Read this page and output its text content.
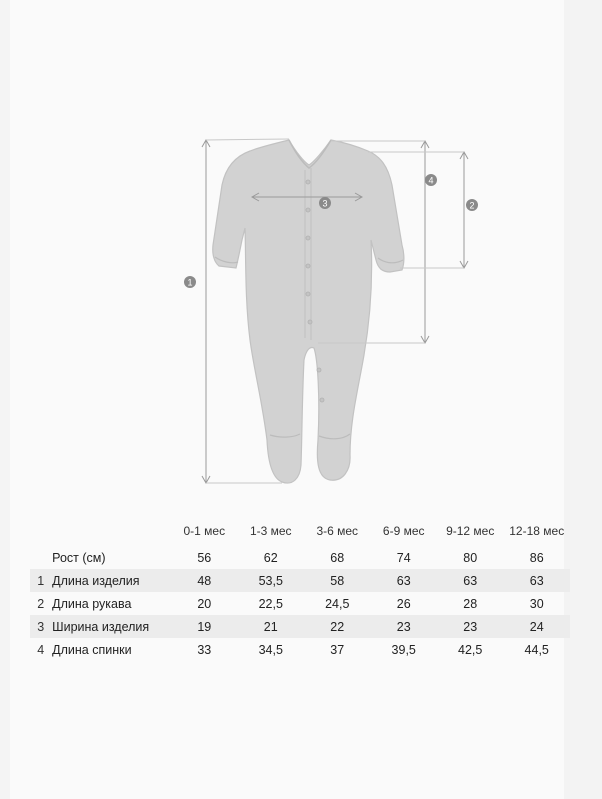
1
2
3
4
		0-1 мес	1-3 мес	3-6 мес	6-9 мес	9-12 мес	12-18 мес
	Рост (см)	56	62	68	74	80	86
1	Длина изделия	48	53,5	58	63	63	63
2	Длина рукава	20	22,5	24,5	26	28	30
3	Ширина изделия	19	21	22	23	23	24
4	Длина спинки	33	34,5	37	39,5	42,5	44,5
